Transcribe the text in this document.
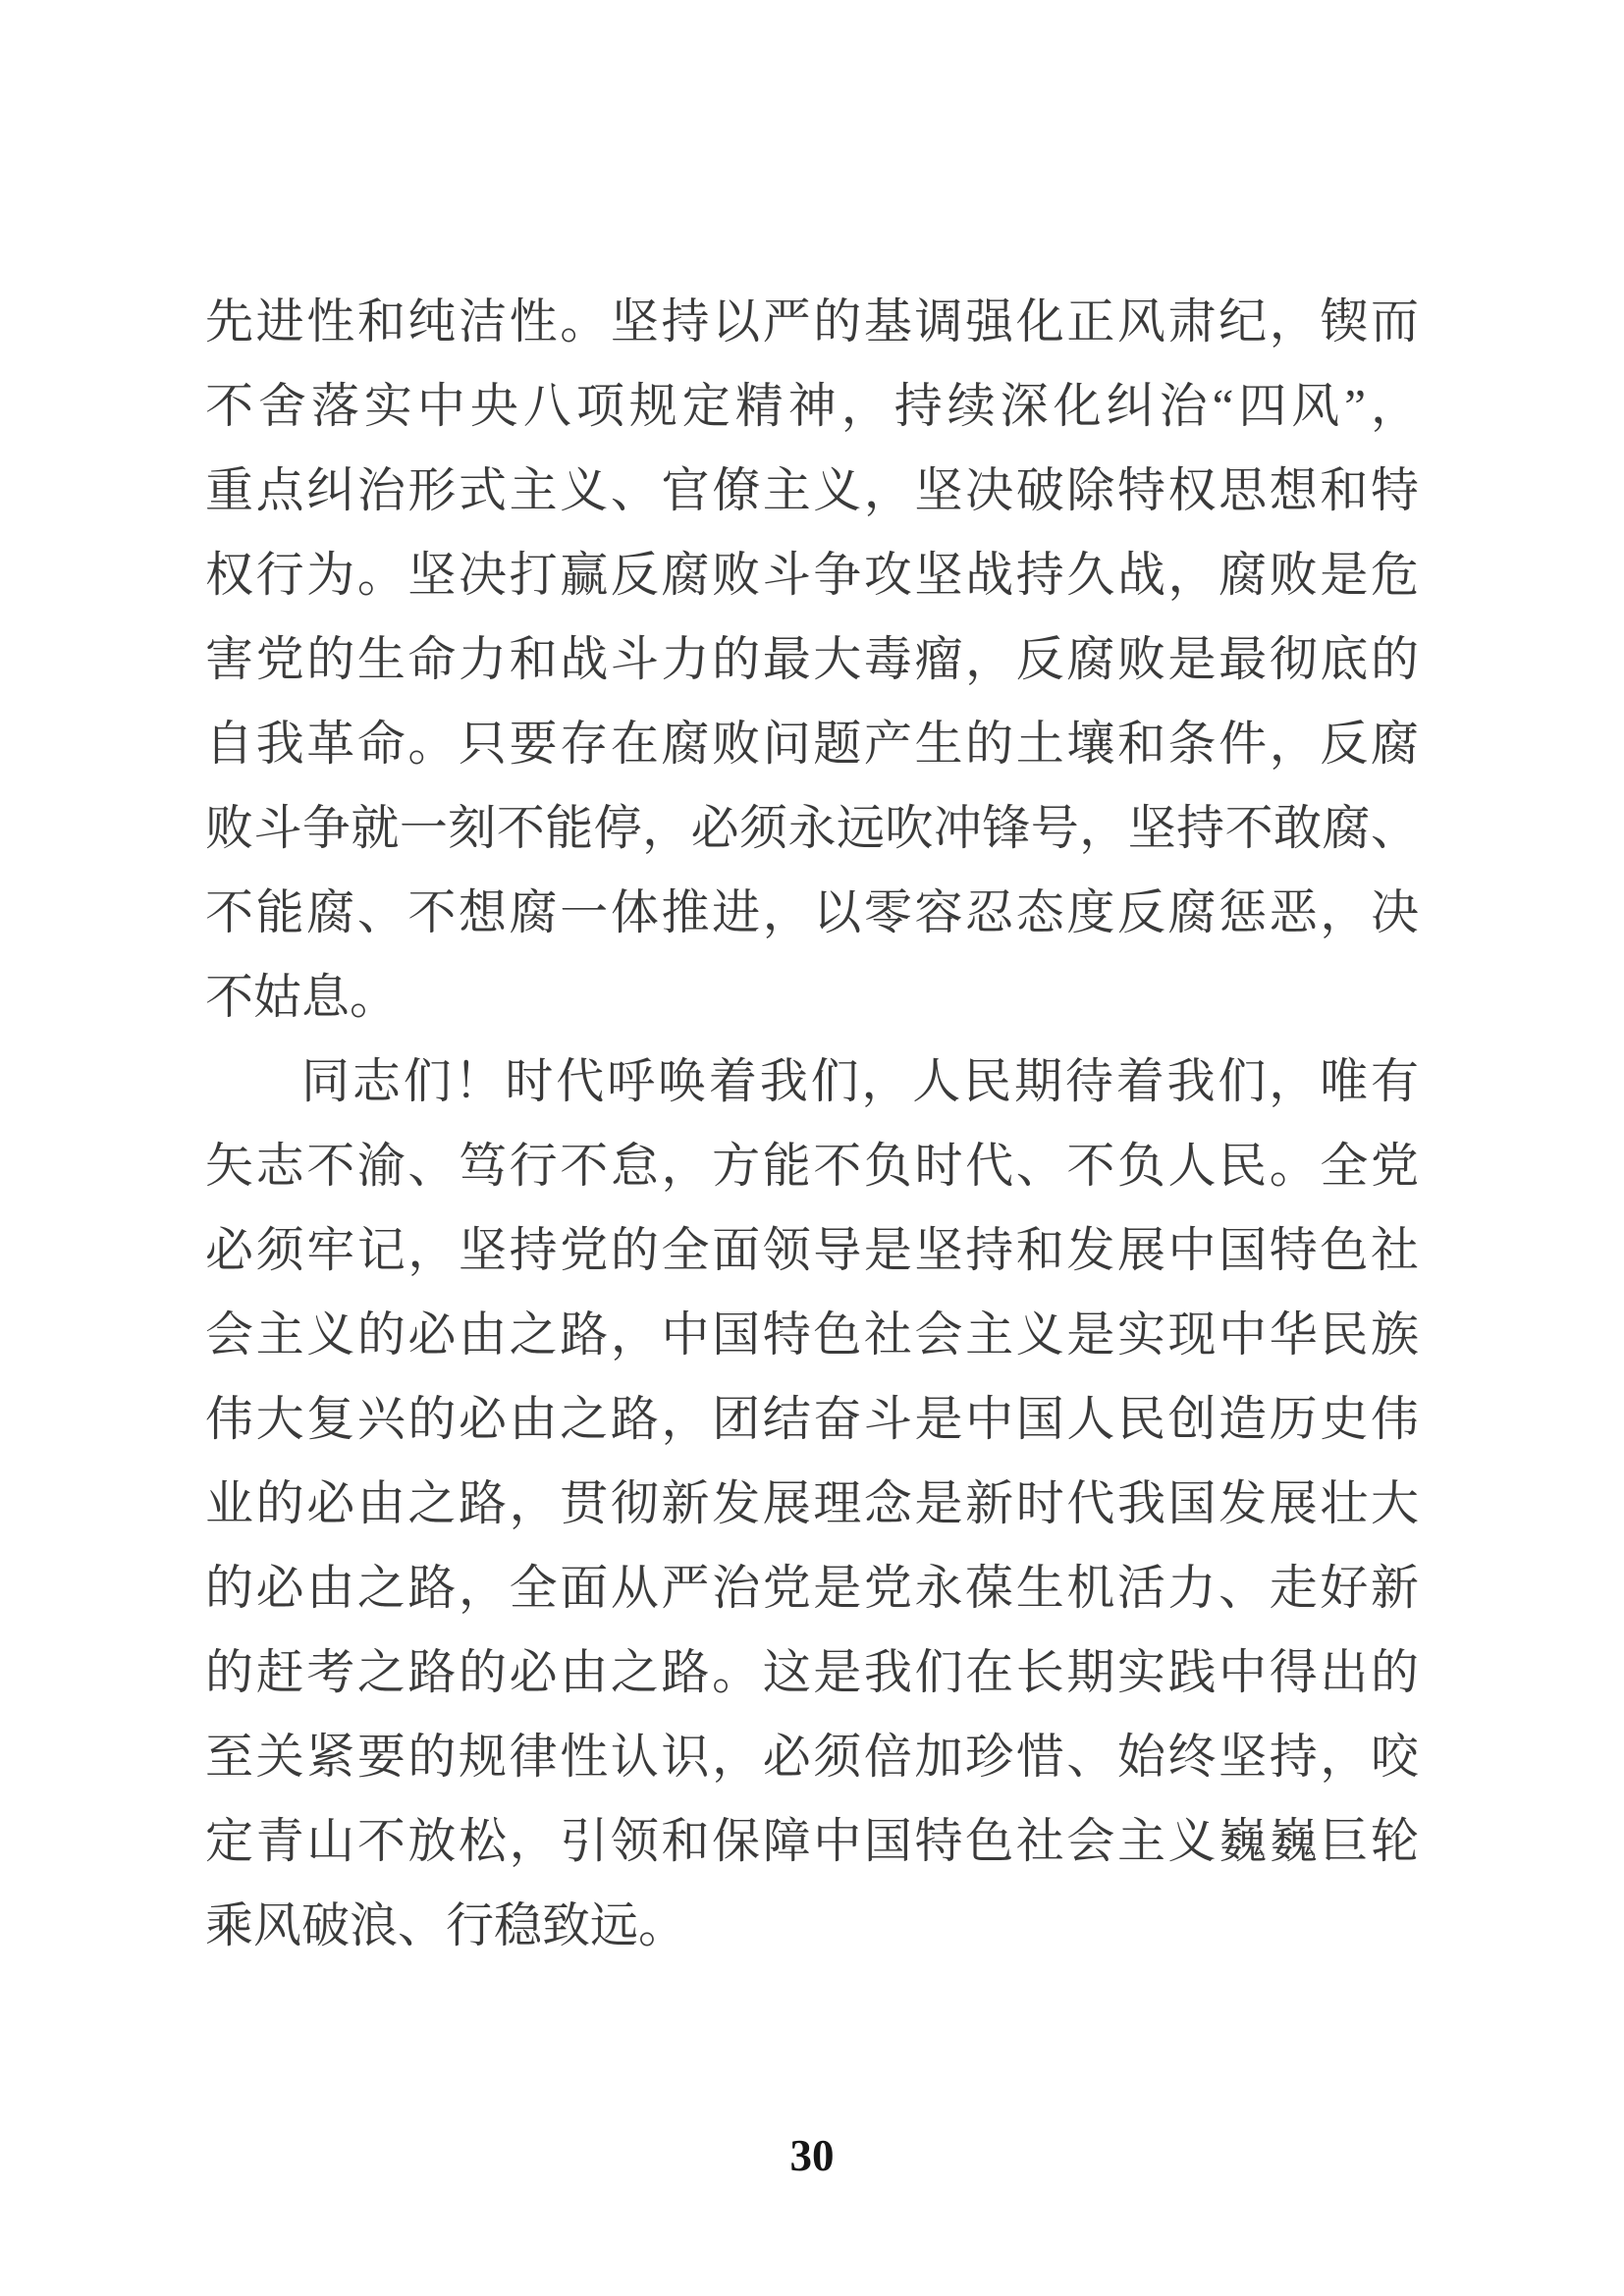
先进性和纯洁性。坚持以严的基调强化正风肃纪，锲而
不舍落实中央八项规定精神，持续深化纠治“四风”，
重点纠治形式主义、官僚主义，坚决破除特权思想和特
权行为。坚决打赢反腐败斗争攻坚战持久战，腐败是危
害党的生命力和战斗力的最大毒瘤，反腐败是最彻底的
自我革命。只要存在腐败问题产生的土壤和条件，反腐
败斗争就一刻不能停，必须永远吹冲锋号，坚持不敢腐、
不能腐、不想腐一体推进，以零容忍态度反腐惩恶，决
不姑息。
同志们！时代呼唤着我们，人民期待着我们，唯有
矢志不渝、笃行不怠，方能不负时代、不负人民。全党
必须牢记，坚持党的全面领导是坚持和发展中国特色社
会主义的必由之路，中国特色社会主义是实现中华民族
伟大复兴的必由之路，团结奋斗是中国人民创造历史伟
业的必由之路，贯彻新发展理念是新时代我国发展壮大
的必由之路，全面从严治党是党永葆生机活力、走好新
的赶考之路的必由之路。这是我们在长期实践中得出的
至关紧要的规律性认识，必须倍加珍惜、始终坚持，咬
定青山不放松，引领和保障中国特色社会主义巍巍巨轮
乘风破浪、行稳致远。
30
